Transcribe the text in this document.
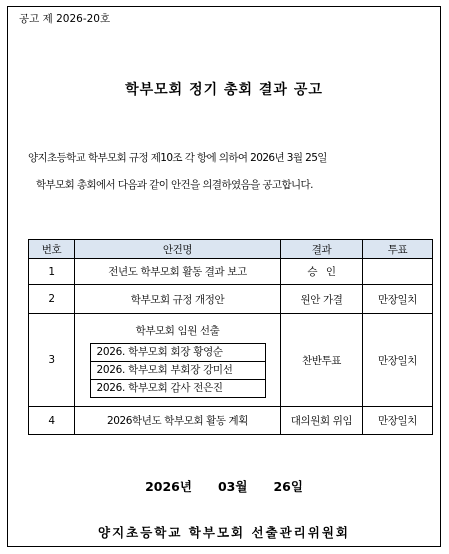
공고 제 2026-20호
학부모회 정기 총회 결과 공고
양지초등학교 학부모회 규정 제10조 각 항에 의하여 2026년 3월 25일
학부모회 총회에서 다음과 같이 안건을 의결하였음을 공고합니다.
번호	안건명	결과	투표
1	전년도 학부모회 활동 결과 보고	승   인	
2	학부모회 규정 개정안	원안 가결	만장일치
3	학부모회 임원 선출
2026. 학부모회 회장 황영순
2026. 학부모회 부회장 강미선
2026. 학부모회 감사 전은진	찬반투표	만장일치
4	2026학년도 학부모회 활동 계획	대의원회 위임	만장일치
2026년 03월 26일
양지초등학교 학부모회 선출관리위원회
